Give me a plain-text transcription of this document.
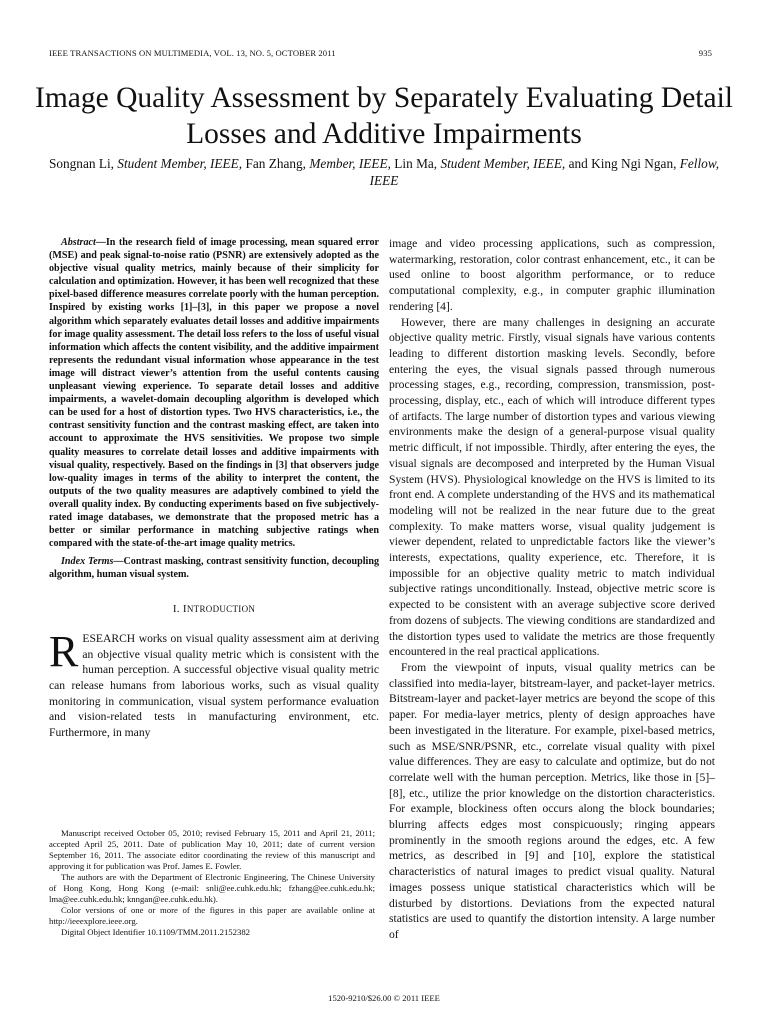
IEEE TRANSACTIONS ON MULTIMEDIA, VOL. 13, NO. 5, OCTOBER 2011	935
Image Quality Assessment by Separately Evaluating Detail Losses and Additive Impairments
Songnan Li, Student Member, IEEE, Fan Zhang, Member, IEEE, Lin Ma, Student Member, IEEE, and King Ngi Ngan, Fellow, IEEE

Abstract—In the research field of image processing, mean squared error (MSE) and peak signal-to-noise ratio (PSNR) are extensively adopted as the objective visual quality metrics, mainly because of their simplicity for calculation and optimization. However, it has been well recognized that these pixel-based difference measures correlate poorly with the human perception. Inspired by existing works [1]–[3], in this paper we propose a novel algorithm which separately evaluates detail losses and additive impairments for image quality assessment. The detail loss refers to the loss of useful visual information which affects the content visibility, and the additive impairment represents the redundant visual information whose appearance in the test image will distract viewer’s attention from the useful contents causing unpleasant viewing experience. To separate detail losses and additive impairments, a wavelet-domain decoupling algorithm is developed which can be used for a host of distortion types. Two HVS characteristics, i.e., the contrast sensitivity function and the contrast masking effect, are taken into account to approximate the HVS sensitivities. We propose two simple quality measures to correlate detail losses and additive impairments with visual quality, respectively. Based on the findings in [3] that observers judge low-quality images in terms of the ability to interpret the content, the outputs of the two quality measures are adaptively combined to yield the overall quality index. By conducting experiments based on five subjectively-rated image databases, we demonstrate that the proposed metric has a better or similar performance in matching subjective ratings when compared with the state-of-the-art image quality metrics.

Index Terms—Contrast masking, contrast sensitivity function, decoupling algorithm, human visual system.

I. INTRODUCTION

RESEARCH works on visual quality assessment aim at deriving an objective visual quality metric which is consistent with the human perception. A successful objective visual quality metric can release humans from laborious works, such as visual quality monitoring in communication, visual system performance evaluation and vision-related tests in manufacturing environment, etc. Furthermore, in many

Manuscript received October 05, 2010; revised February 15, 2011 and April 21, 2011; accepted April 25, 2011. Date of publication May 10, 2011; date of current version September 16, 2011. The associate editor coordinating the review of this manuscript and approving it for publication was Prof. James E. Fowler.

The authors are with the Department of Electronic Engineering, The Chinese University of Hong Kong, Hong Kong (e-mail: snli@ee.cuhk.edu.hk; fzhang@ee.cuhk.edu.hk; lma@ee.cuhk.edu.hk; knngan@ee.cuhk.edu.hk).

Color versions of one or more of the figures in this paper are available online at http://ieeexplore.ieee.org.

Digital Object Identifier 10.1109/TMM.2011.2152382

image and video processing applications, such as compression, watermarking, restoration, color contrast enhancement, etc., it can be used online to boost algorithm performance, or to reduce computational complexity, e.g., in computer graphic illumination rendering [4].

However, there are many challenges in designing an accurate objective quality metric. Firstly, visual signals have various contents leading to different distortion masking levels. Secondly, before entering the eyes, the visual signals passed through numerous processing stages, e.g., recording, compression, transmission, post-processing, display, etc., each of which will introduce different types of artifacts. The large number of distortion types and various viewing environments make the design of a general-purpose visual quality metric difficult, if not impossible. Thirdly, after entering the eyes, the visual signals are decomposed and interpreted by the Human Visual System (HVS). Physiological knowledge on the HVS is limited to its front end. A complete understanding of the HVS and its mathematical modeling will not be realized in the near future due to the great complexity. To make matters worse, visual quality judgement is viewer dependent, related to unpredictable factors like the viewer’s interests, expectations, quality experience, etc. Therefore, it is impossible for an objective quality metric to match individual subjective ratings unconditionally. Instead, objective metric score is expected to be consistent with an average subjective score derived from dozens of subjects. The viewing conditions are standardized and the distortion types used to validate the metrics are those frequently encountered in the real practical applications.

From the viewpoint of inputs, visual quality metrics can be classified into media-layer, bitstream-layer, and packet-layer metrics. Bitstream-layer and packet-layer metrics are beyond the scope of this paper. For media-layer metrics, plenty of design approaches have been investigated in the literature. For example, pixel-based metrics, such as MSE/SNR/PSNR, etc., correlate visual quality with pixel value differences. They are easy to calculate and optimize, but do not correlate well with the human perception. Metrics, like those in [5]–[8], etc., utilize the prior knowledge on the distortion characteristics. For example, blockiness often occurs along the block boundaries; blurring affects edges most conspicuously; ringing appears prominently in the smooth regions around the edges, etc. A few metrics, as described in [9] and [10], explore the statistical characteristics of natural images to predict visual quality. Natural images possess unique statistical characteristics which will be disturbed by distortions. Deviations from the expected natural statistics are used to quantify the distortion intensity. A large number of

1520-9210/$26.00 © 2011 IEEE
